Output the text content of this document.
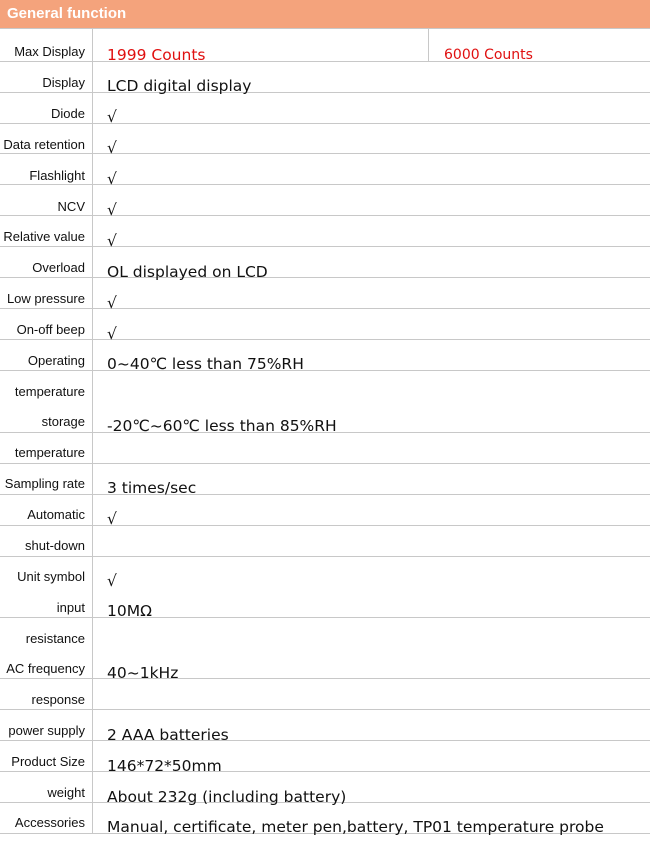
General function
Max Display 1999 Counts	6000 Counts
Display LCD digital display
Diode √
Data retention √
Flashlight √
NCV √
Relative value √
Overload OL displayed on LCD
Low pressure √
On-off beep √
Operating 0~40℃ less than 75%RH
temperature
storage -20℃~60℃ less than 85%RH
temperature
Sampling rate 3 times/sec
Automatic √
shut-down
Unit symbol √
input 10MΩ
resistance
AC frequency 40~1kHz
response
power supply 2 AAA batteries
Product Size 146*72*50mm
weight About 232g (including battery)
Accessories Manual, certificate, meter pen,battery, TP01 temperature probe
